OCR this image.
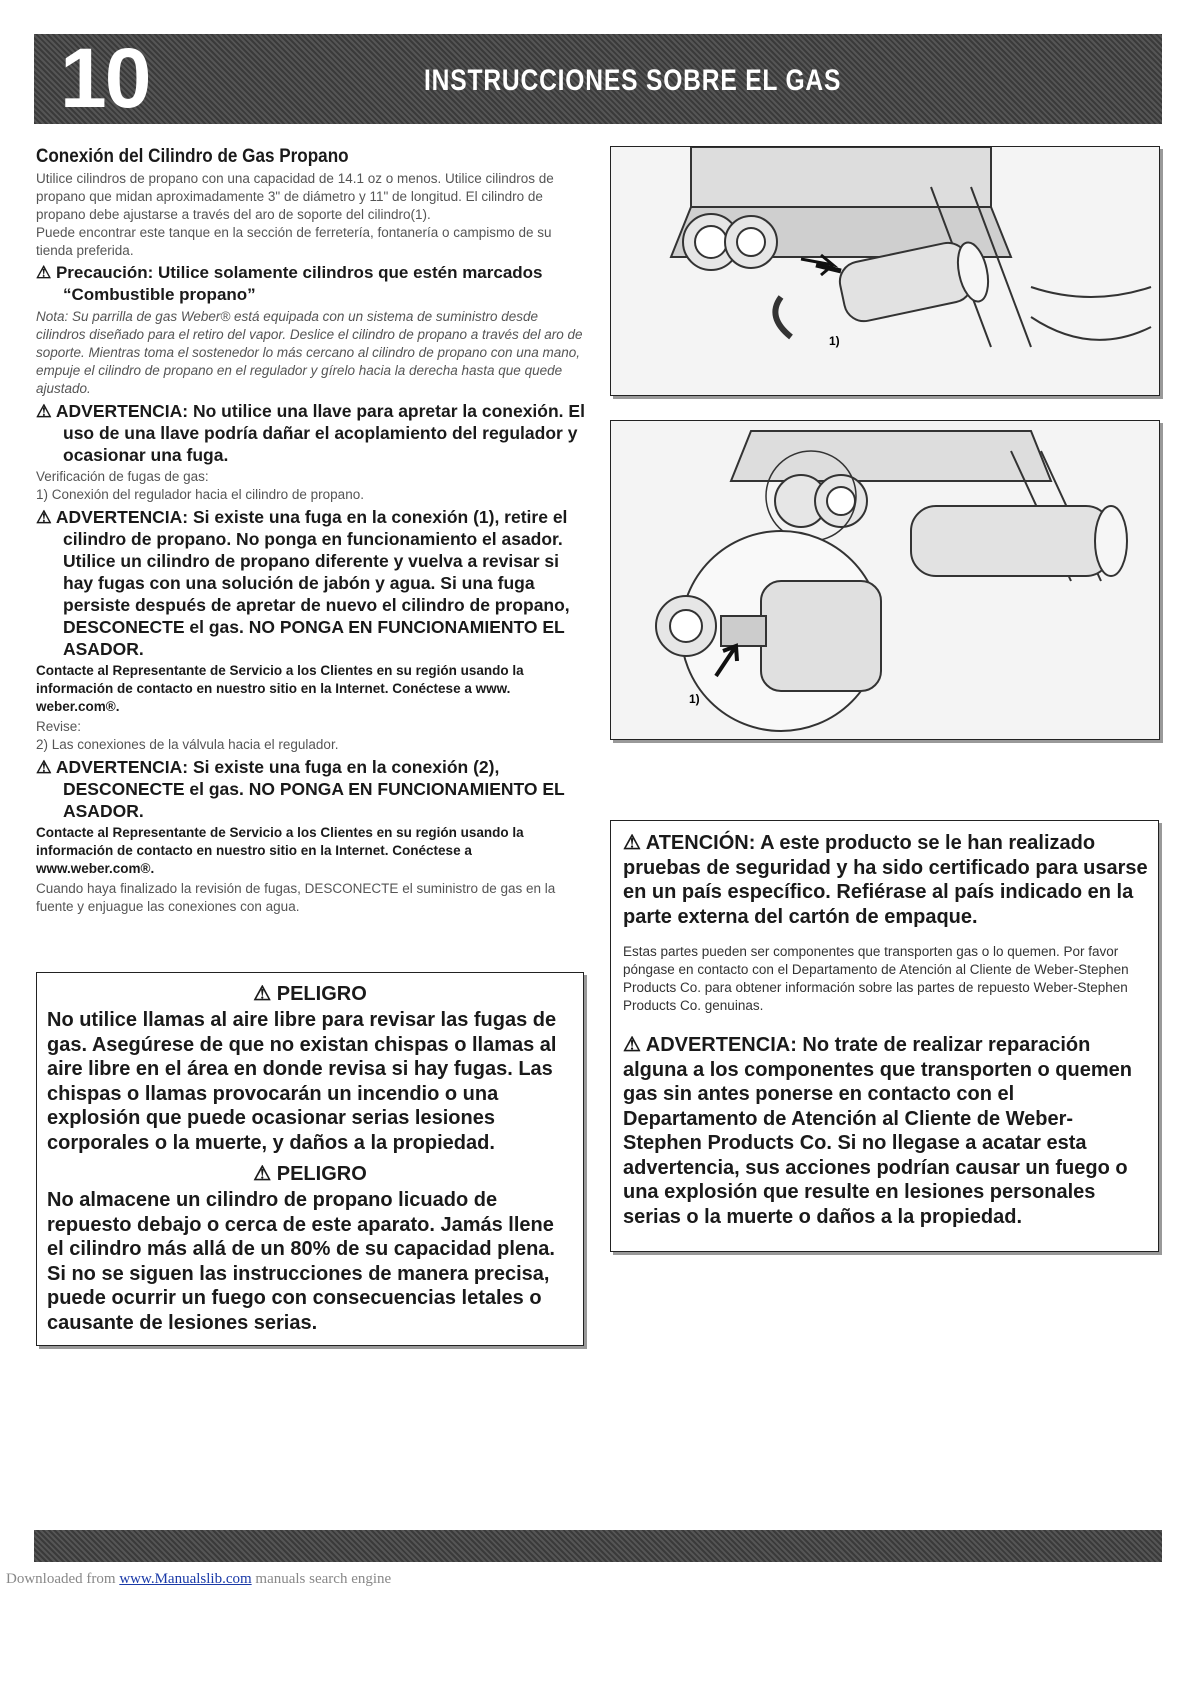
10	INSTRUCCIONES SOBRE EL GAS
Conexión del Cilindro de Gas Propano

Utilice cilindros de propano con una capacidad de 14.1 oz o menos. Utilice cilindros de propano que midan aproximadamente 3" de diámetro y 11" de longitud. El cilindro de propano debe ajustarse a través del aro de soporte del cilindro(1).

Puede encontrar este tanque en la sección de ferretería, fontanería o campismo de su tienda preferida.

⚠ Precaución: Utilice solamente cilindros que estén marcados “Combustible propano”

Nota: Su parrilla de gas Weber® está equipada con un sistema de suministro desde cilindros diseñado para el retiro del vapor. Deslice el cilindro de propano a través del aro de soporte. Mientras toma el sostenedor lo más cercano al cilindro de propano con una mano, empuje el cilindro de propano en el regulador y gírelo hacia la derecha hasta que quede ajustado.

⚠ ADVERTENCIA: No utilice una llave para apretar la conexión. El uso de una llave podría dañar el acoplamiento del regulador y ocasionar una fuga.

Verificación de fugas de gas:

1) Conexión del regulador hacia el cilindro de propano.

⚠ ADVERTENCIA: Si existe una fuga en la conexión (1), retire el cilindro de propano. No ponga en funcionamiento el asador. Utilice un cilindro de propano diferente y vuelva a revisar si hay fugas con una solución de jabón y agua. Si una fuga persiste después de apretar de nuevo el cilindro de propano, DESCONECTE el gas. NO PONGA EN FUNCIONAMIENTO EL ASADOR.

Contacte al Representante de Servicio a los Clientes en su región usando la información de contacto en nuestro sitio en la Internet. Conéctese a www. weber.com®.

Revise:

2) Las conexiones de la válvula hacia el regulador.

⚠ ADVERTENCIA: Si existe una fuga en la conexión (2), DESCONECTE el gas. NO PONGA EN FUNCIONAMIENTO EL ASADOR.

Contacte al Representante de Servicio a los Clientes en su región usando la información de contacto en nuestro sitio en la Internet. Conéctese a www.weber.com®.

Cuando haya finalizado la revisión de fugas, DESCONECTE el suministro de gas en la fuente y enjuague las conexiones con agua.

⚠ PELIGRO

No utilice llamas al aire libre para revisar las fugas de gas. Asegúrese de que no existan chispas o llamas al aire libre en el área en donde revisa si hay fugas. Las chispas o llamas provocarán un incendio o una explosión que puede ocasionar serias lesiones corporales o la muerte, y daños a la propiedad.

⚠ PELIGRO

No almacene un cilindro de propano licuado de repuesto debajo o cerca de este aparato. Jamás llene el cilindro más allá de un 80% de su capacidad plena. Si no se siguen las instrucciones de manera precisa, puede ocurrir un fuego con consecuencias letales o causante de lesiones serias.

1)
1)

⚠ ATENCIÓN: A este producto se le han realizado pruebas de seguridad y ha sido certificado para usarse en un país específico. Refiérase al país indicado en la parte externa del cartón de empaque.

Estas partes pueden ser componentes que transporten gas o lo quemen. Por favor póngase en contacto con el Departamento de Atención al Cliente de Weber-Stephen Products Co. para obtener información sobre las partes de repuesto Weber-Stephen Products Co. genuinas.

⚠ ADVERTENCIA: No trate de realizar reparación alguna a los componentes que transporten o quemen gas sin antes ponerse en contacto con el Departamento de Atención al Cliente de Weber-Stephen Products Co. Si no llegase a acatar esta advertencia, sus acciones podrían causar un fuego o una explosión que resulte en lesiones personales serias o la muerte o daños a la propiedad.

Downloaded from www.Manualslib.com manuals search engine
